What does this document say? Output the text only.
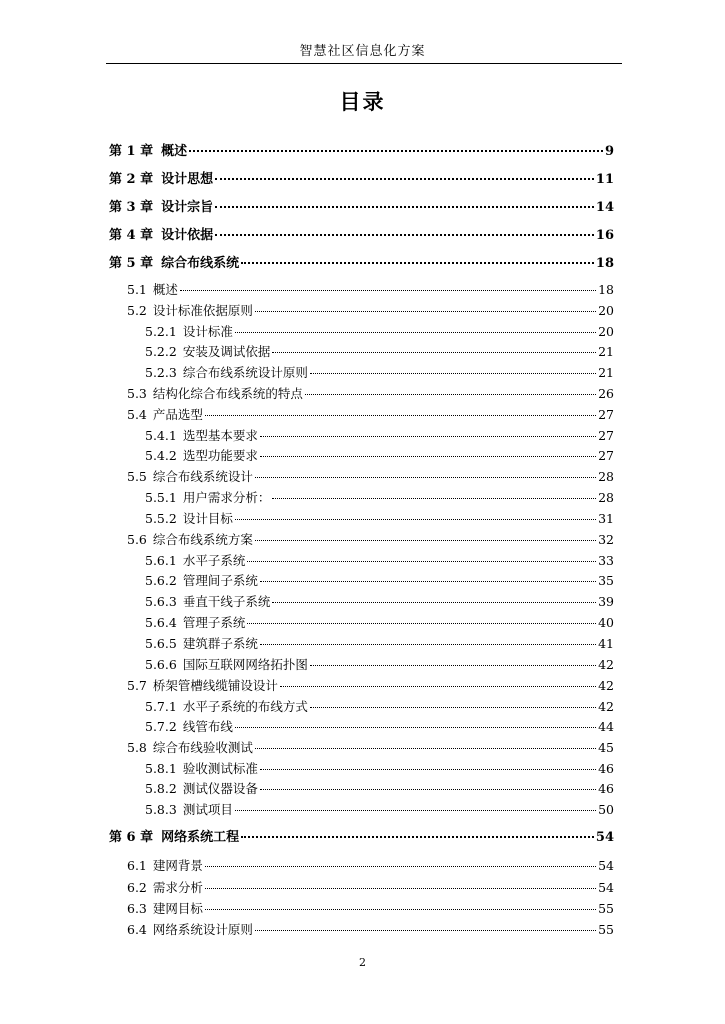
智慧社区信息化方案
目录
第 1 章 概述	9
第 2 章 设计思想	11
第 3 章 设计宗旨	14
第 4 章 设计依据	16
第 5 章 综合布线系统	18
5.1 概述	18
5.2 设计标准依据原则	20
5.2.1 设计标准	20
5.2.2 安装及调试依据	21
5.2.3 综合布线系统设计原则	21
5.3 结构化综合布线系统的特点	26
5.4 产品选型	27
5.4.1 选型基本要求	27
5.4.2 选型功能要求	27
5.5 综合布线系统设计	28
5.5.1 用户需求分析：	28
5.5.2 设计目标	31
5.6 综合布线系统方案	32
5.6.1 水平子系统	33
5.6.2 管理间子系统	35
5.6.3 垂直干线子系统	39
5.6.4 管理子系统	40
5.6.5 建筑群子系统	41
5.6.6 国际互联网网络拓扑图	42
5.7 桥架管槽线缆铺设设计	42
5.7.1 水平子系统的布线方式	42
5.7.2 线管布线	44
5.8 综合布线验收测试	45
5.8.1 验收测试标准	46
5.8.2 测试仪器设备	46
5.8.3 测试项目	50
第 6 章 网络系统工程	54
6.1 建网背景	54
6.2 需求分析	54
6.3 建网目标	55
6.4 网络系统设计原则	55
2
